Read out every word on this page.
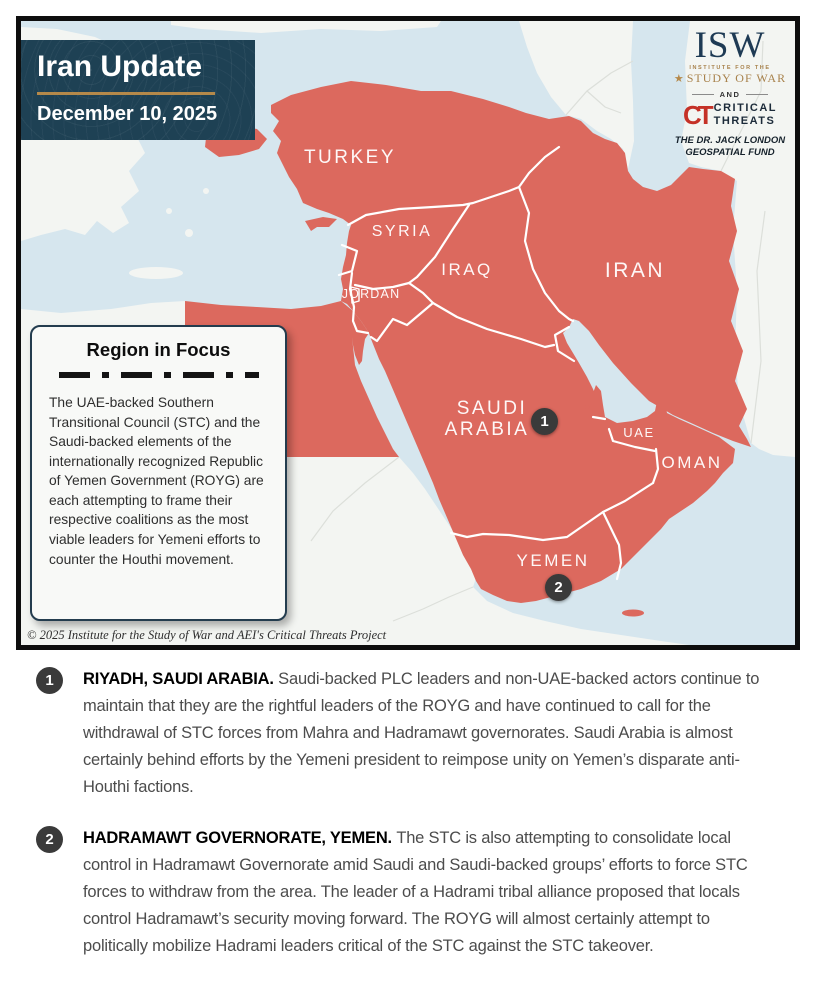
TURKEY
SYRIA
IRAQ	IRAN
JORDAN
SAUDI
ARABIA	UAE
OMAN
YEMEN
Iran Update
December 10, 2025
ISW
INSTITUTE FOR THE
★ STUDY OF WAR
AND
CT CRITICAL
THREATS
THE DR. JACK LONDON
GEOSPATIAL FUND
Region in Focus
The UAE-backed Southern Transitional Council (STC) and the Saudi-backed elements of the internationally recognized Republic of Yemen Government (ROYG) are each attempting to frame their respective coalitions as the most viable leaders for Yemeni efforts to counter the Houthi movement.
1
2
© 2025 Institute for the Study of War and AEI's Critical Threats Project
1	RIYADH, SAUDI ARABIA. Saudi-backed PLC leaders and non-UAE-backed actors continue to maintain that they are the rightful leaders of the ROYG and have continued to call for the withdrawal of STC forces from Mahra and Hadramawt governorates. Saudi Arabia is almost certainly behind efforts by the Yemeni president to reimpose unity on Yemen’s disparate anti-Houthi factions.
2	HADRAMAWT GOVERNORATE, YEMEN. The STC is also attempting to consolidate local control in Hadramawt Governorate amid Saudi and Saudi-backed groups’ efforts to force STC forces to withdraw from the area. The leader of a Hadrami tribal alliance proposed that locals control Hadramawt’s security moving forward. The ROYG will almost certainly attempt to politically mobilize Hadrami leaders critical of the STC against the STC takeover.
